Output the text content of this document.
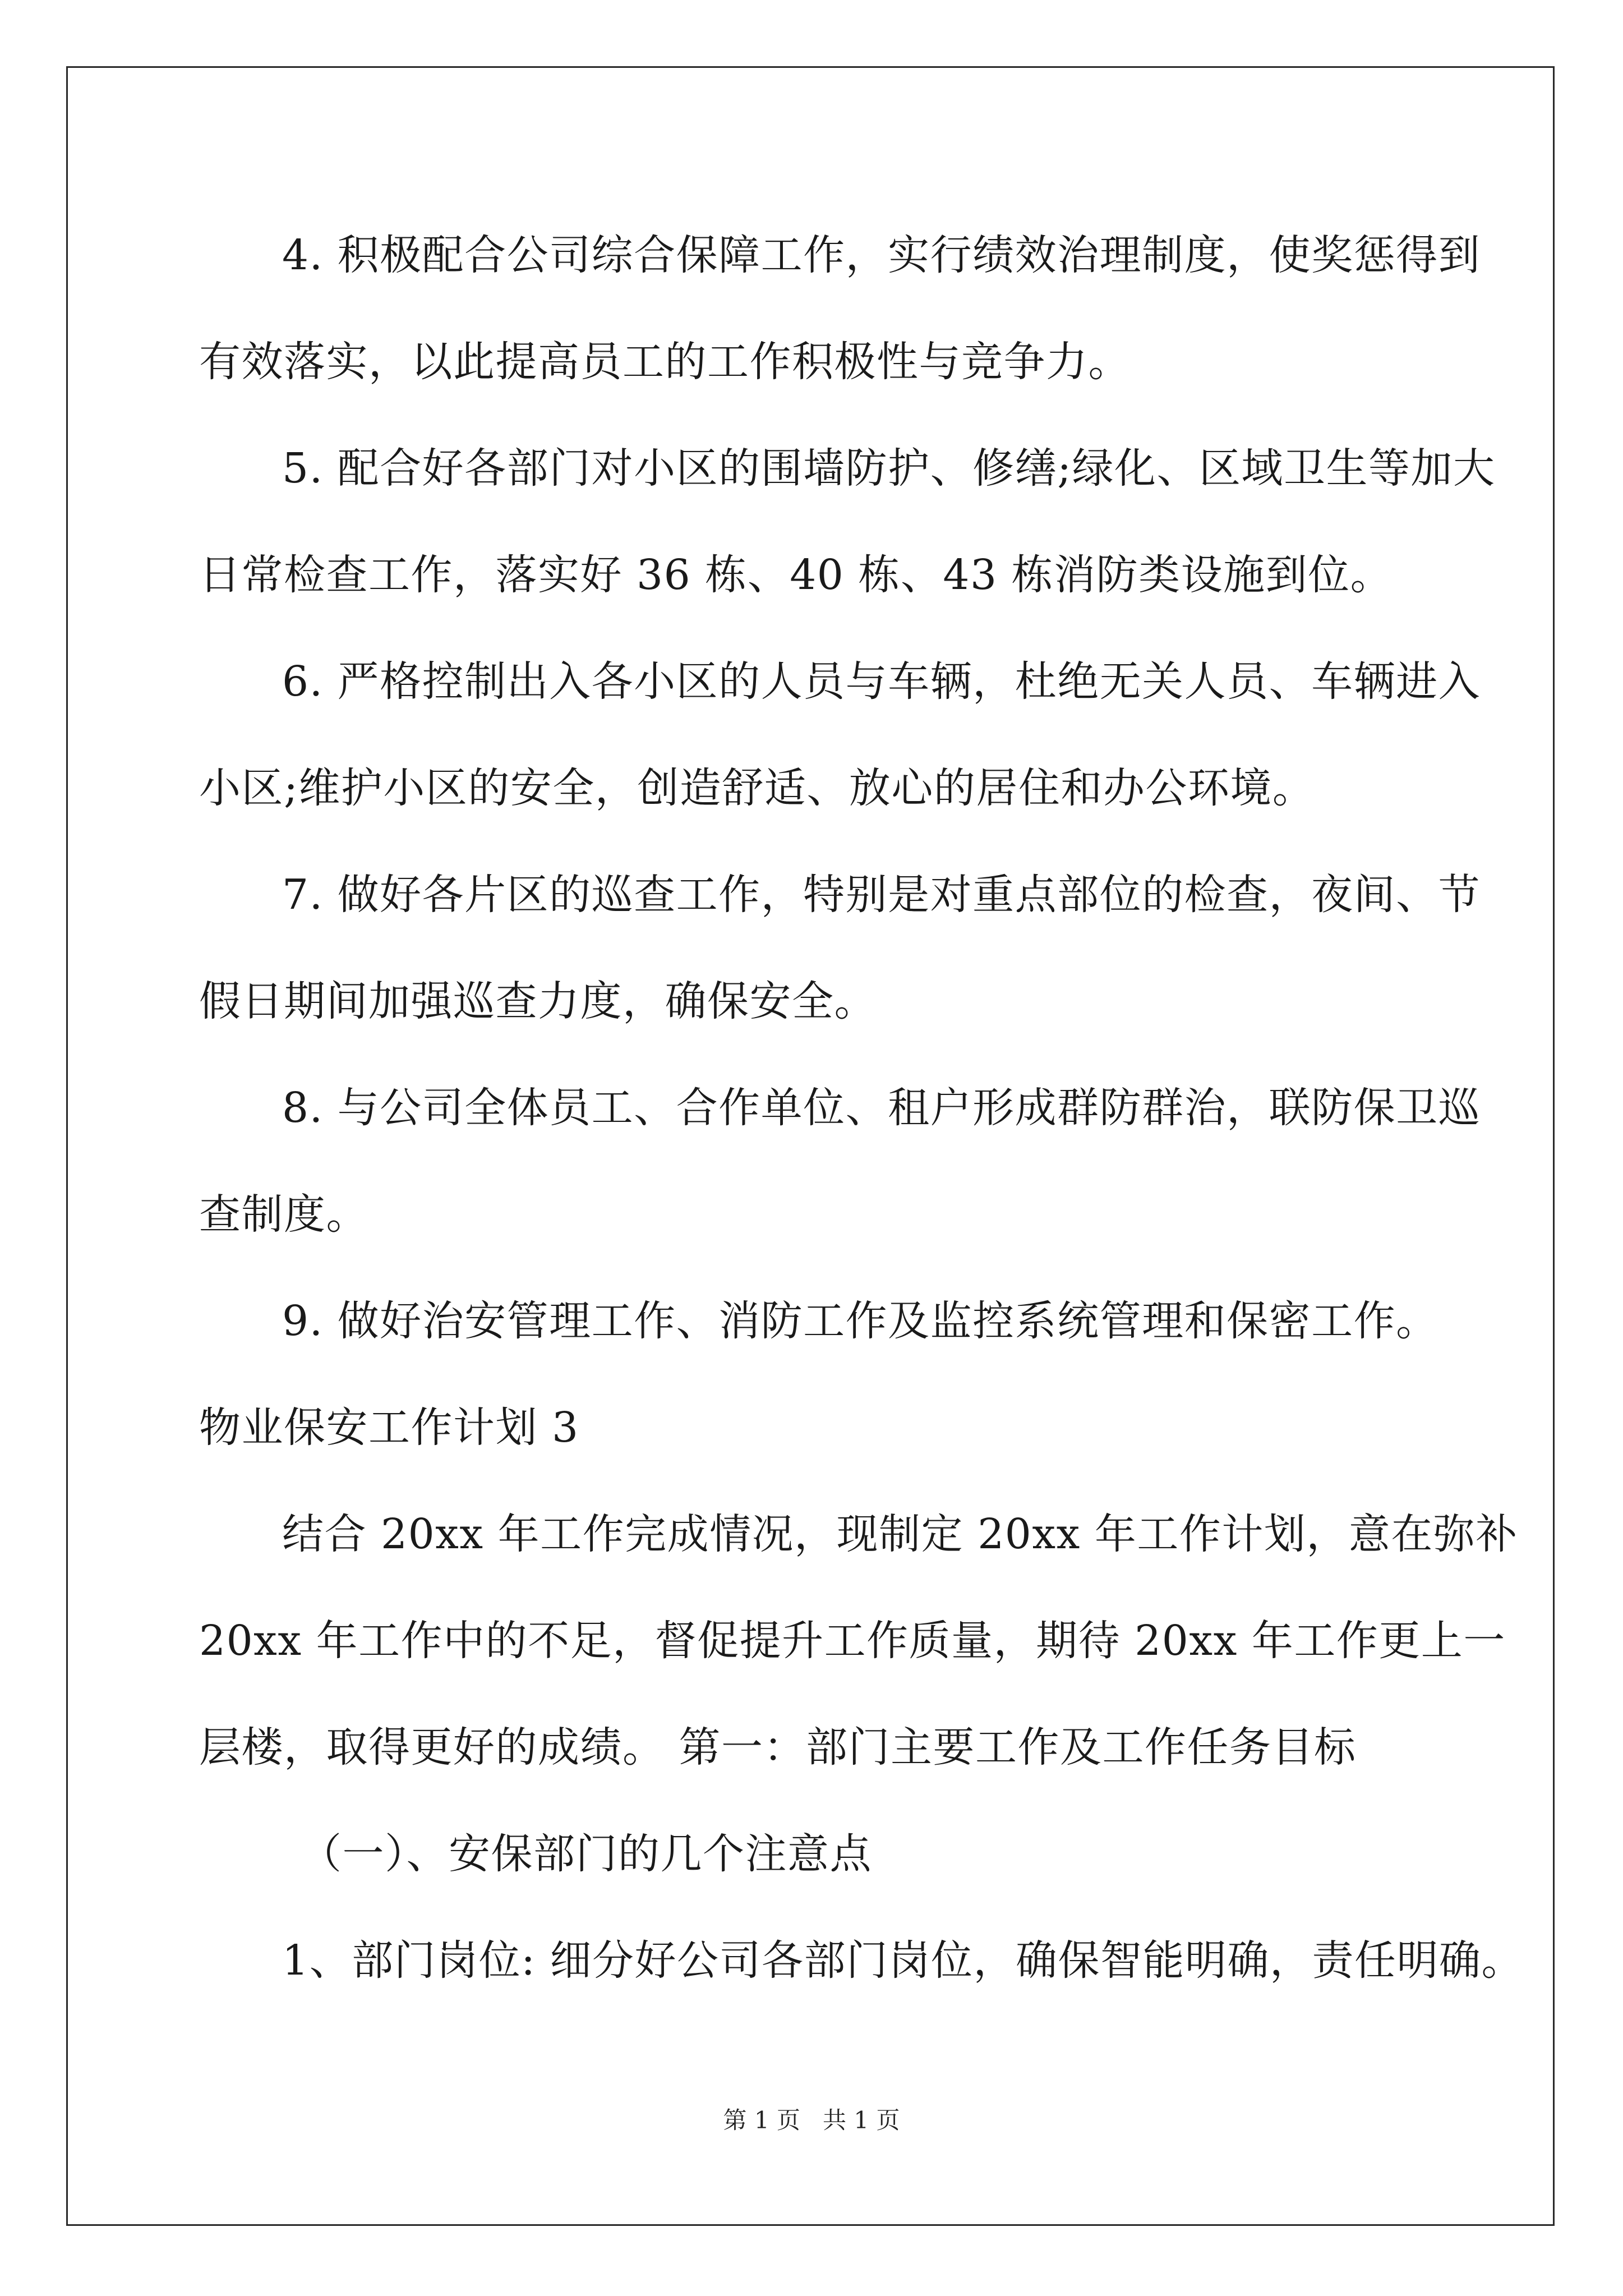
4. 积极配合公司综合保障工作，实行绩效治理制度，使奖惩得到
有效落实，以此提高员工的工作积极性与竞争力。
5. 配合好各部门对小区的围墙防护、修缮;绿化、区域卫生等加大
日常检查工作，落实好 36 栋、40 栋、43 栋消防类设施到位。
6. 严格控制出入各小区的人员与车辆，杜绝无关人员、车辆进入
小区;维护小区的安全，创造舒适、放心的居住和办公环境。
7. 做好各片区的巡查工作，特别是对重点部位的检查，夜间、节
假日期间加强巡查力度，确保安全。
8. 与公司全体员工、合作单位、租户形成群防群治，联防保卫巡
查制度。
9. 做好治安管理工作、消防工作及监控系统管理和保密工作。
物业保安工作计划 3
结合 20xx 年工作完成情况，现制定 20xx 年工作计划，意在弥补
20xx 年工作中的不足，督促提升工作质量，期待 20xx 年工作更上一
层楼，取得更好的成绩。 第一：部门主要工作及工作任务目标
（一）、安保部门的几个注意点
1、部门岗位: 细分好公司各部门岗位，确保智能明确，责任明确。
第 1 页   共 1 页
